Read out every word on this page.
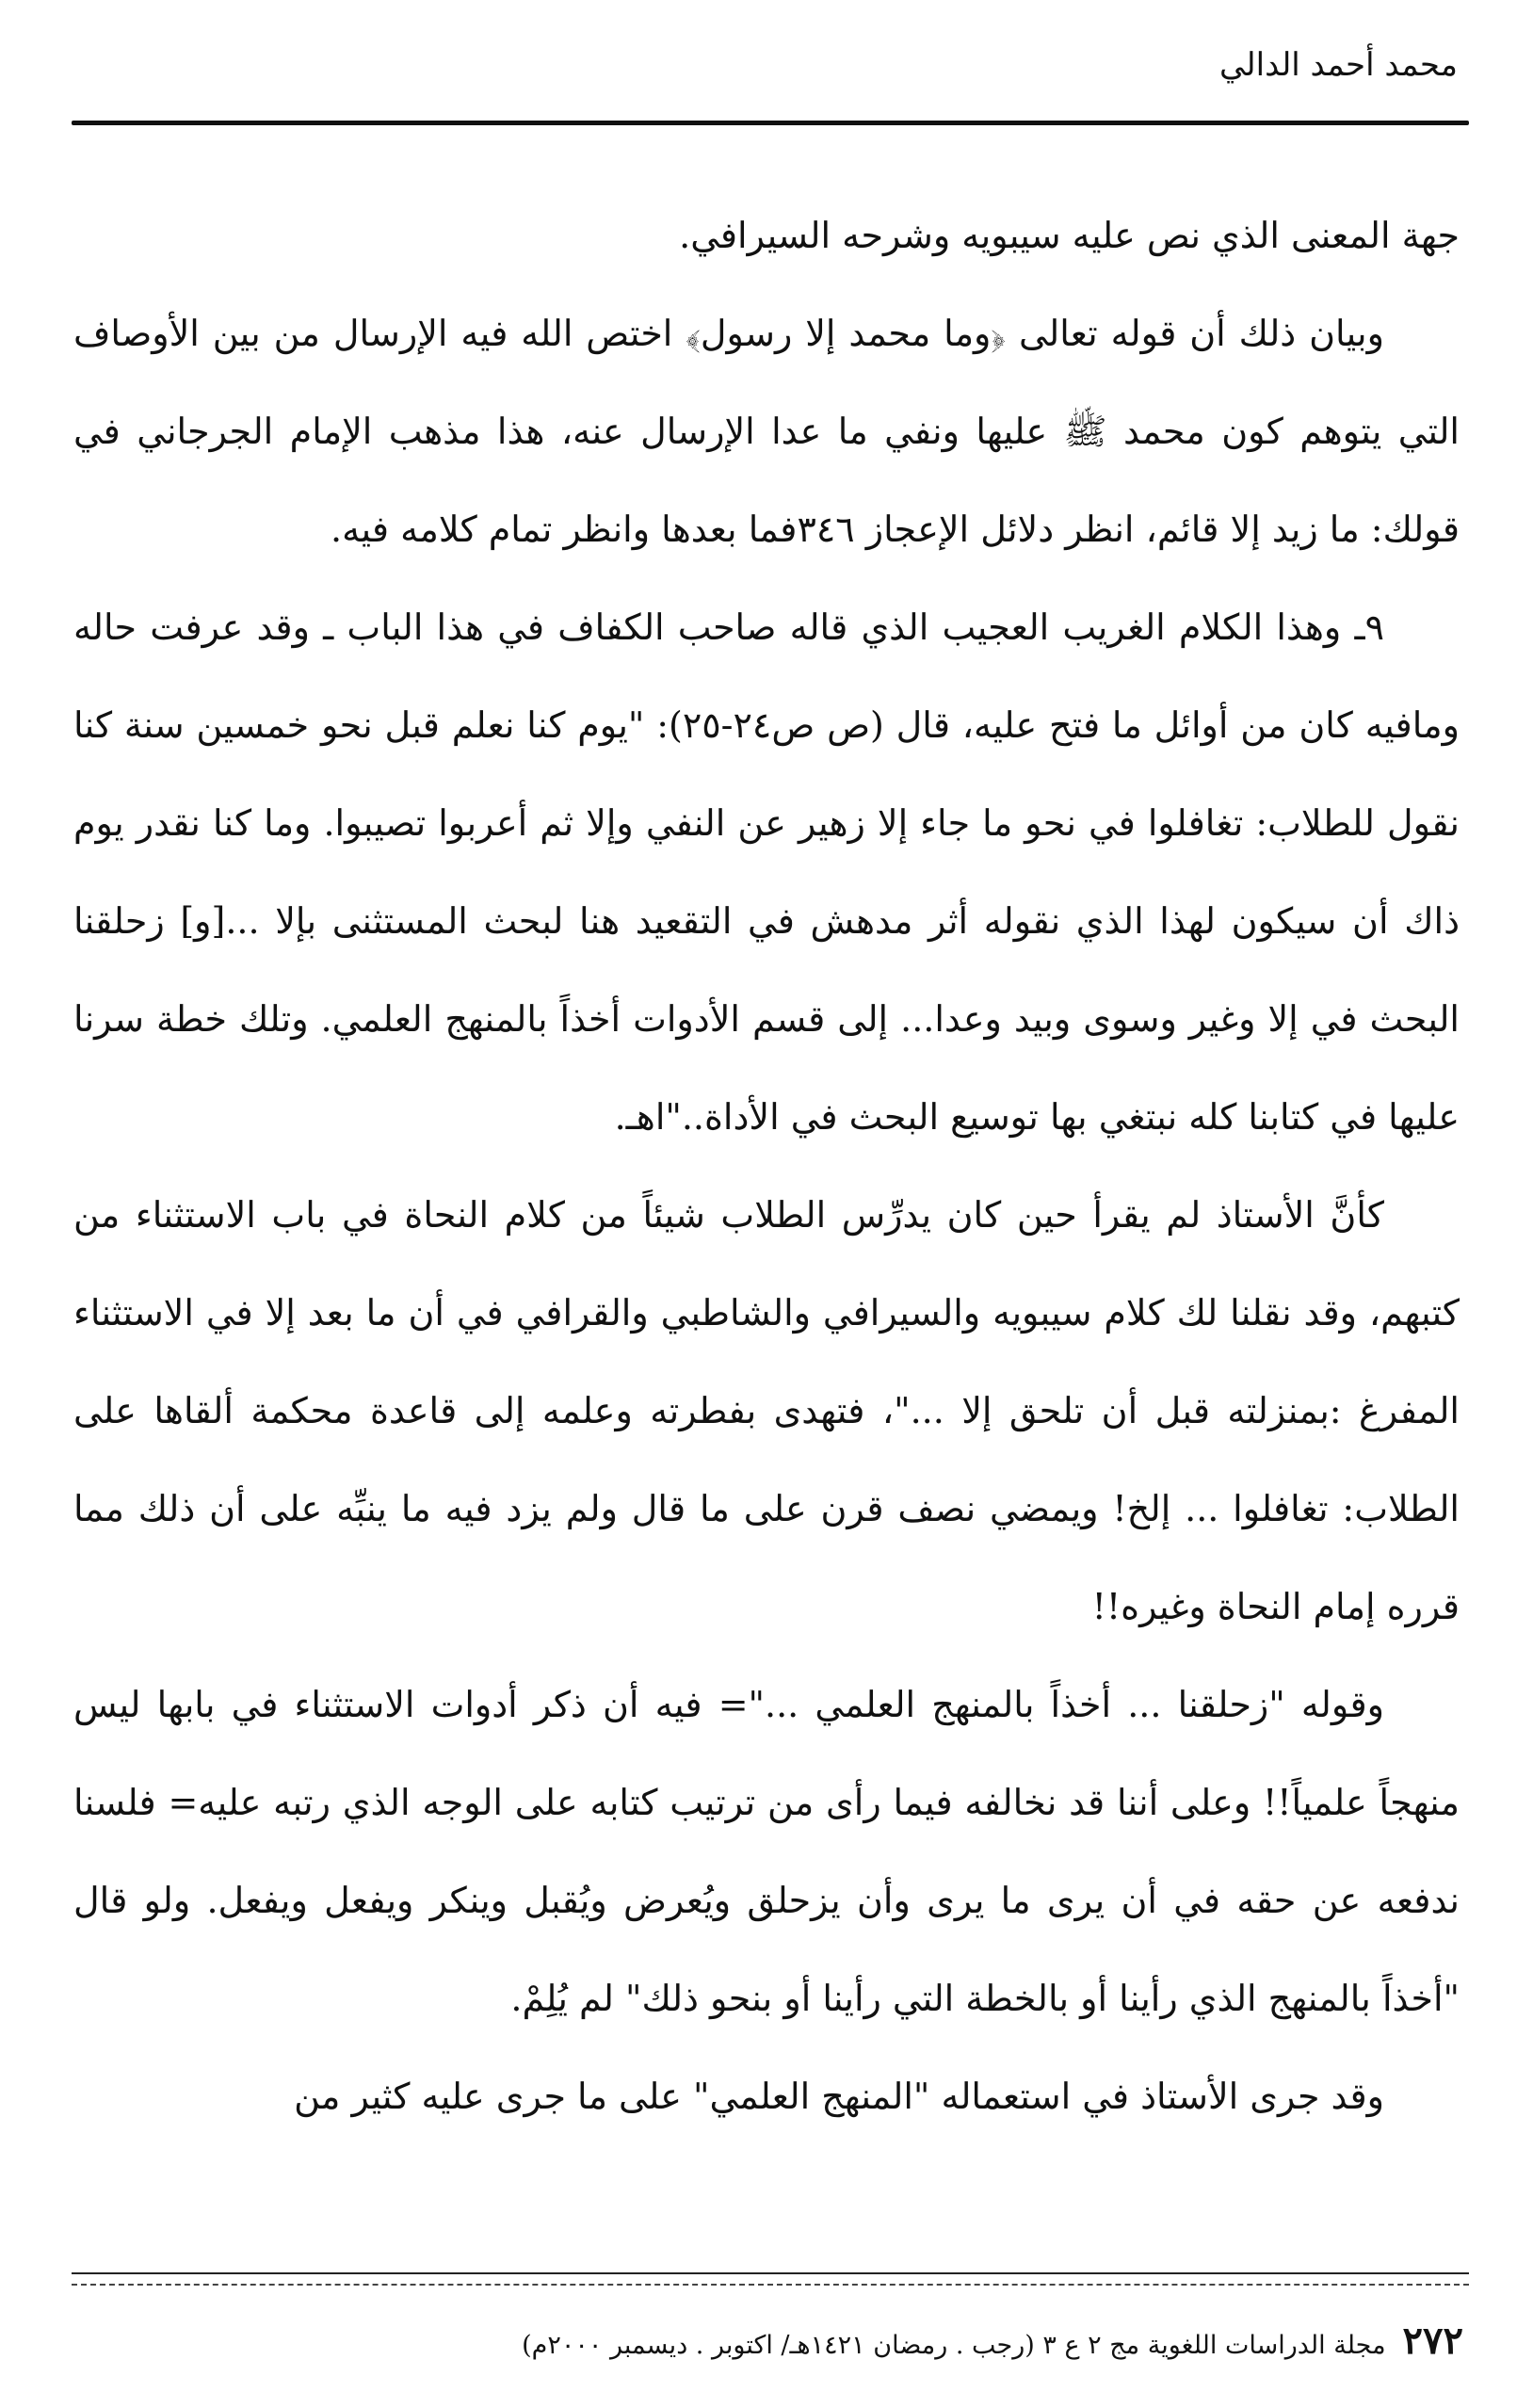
محمد أحمد الدالي

جهة المعنى الذي نص عليه سيبويه وشرحه السيرافي.

وبيان ذلك أن قوله تعالى ﴿وما محمد إلا رسول﴾ اختص الله فيه الإرسال من بين الأوصاف التي يتوهم كون محمد ﷺ عليها ونفي ما عدا الإرسال عنه، هذا مذهب الإمام الجرجاني في قولك: ما زيد إلا قائم، انظر دلائل الإعجاز ٣٤٦فما بعدها وانظر تمام كلامه فيه.

٩ـ وهذا الكلام الغريب العجيب الذي قاله صاحب الكفاف في هذا الباب ـ وقد عرفت حاله ومافيه كان من أوائل ما فتح عليه، قال (ص ص٢٤-٢٥): "يوم كنا نعلم قبل نحو خمسين سنة كنا نقول للطلاب: تغافلوا في نحو ما جاء إلا زهير عن النفي وإلا ثم أعربوا تصيبوا. وما كنا نقدر يوم ذاك أن سيكون لهذا الذي نقوله أثر مدهش في التقعيد هنا لبحث المستثنى بإلا ...[و] زحلقنا البحث في إلا وغير وسوى وبيد وعدا... إلى قسم الأدوات أخذاً بالمنهج العلمي. وتلك خطة سرنا عليها في كتابنا كله نبتغي بها توسيع البحث في الأداة.."اهـ.

كأنَّ الأستاذ لم يقرأ حين كان يدرِّس الطلاب شيئاً من كلام النحاة في باب الاستثناء من كتبهم، وقد نقلنا لك كلام سيبويه والسيرافي والشاطبي والقرافي في أن ما بعد إلا في الاستثناء المفرغ :بمنزلته قبل أن تلحق إلا ..."، فتهدى بفطرته وعلمه إلى قاعدة محكمة ألقاها على الطلاب: تغافلوا ... إلخ! ويمضي نصف قرن على ما قال ولم يزد فيه ما ينبِّه على أن ذلك مما قرره إمام النحاة وغيره!!

وقوله "زحلقنا ... أخذاً بالمنهج العلمي ..."= فيه أن ذكر أدوات الاستثناء في بابها ليس منهجاً علمياً!! وعلى أننا قد نخالفه فيما رأى من ترتيب كتابه على الوجه الذي رتبه عليه= فلسنا ندفعه عن حقه في أن يرى ما يرى وأن يزحلق ويُعرض ويُقبل وينكر ويفعل ويفعل. ولو قال "أخذاً بالمنهج الذي رأينا أو بالخطة التي رأينا أو بنحو ذلك" لم يُلِمْ.

وقد جرى الأستاذ في استعماله "المنهج العلمي" على ما جرى عليه كثير من

٢٧٢
مجلة الدراسات اللغوية مج ٢ ع ٣ (رجب . رمضان ١٤٢١هـ/ اكتوبر . ديسمبر ٢٠٠٠م)
